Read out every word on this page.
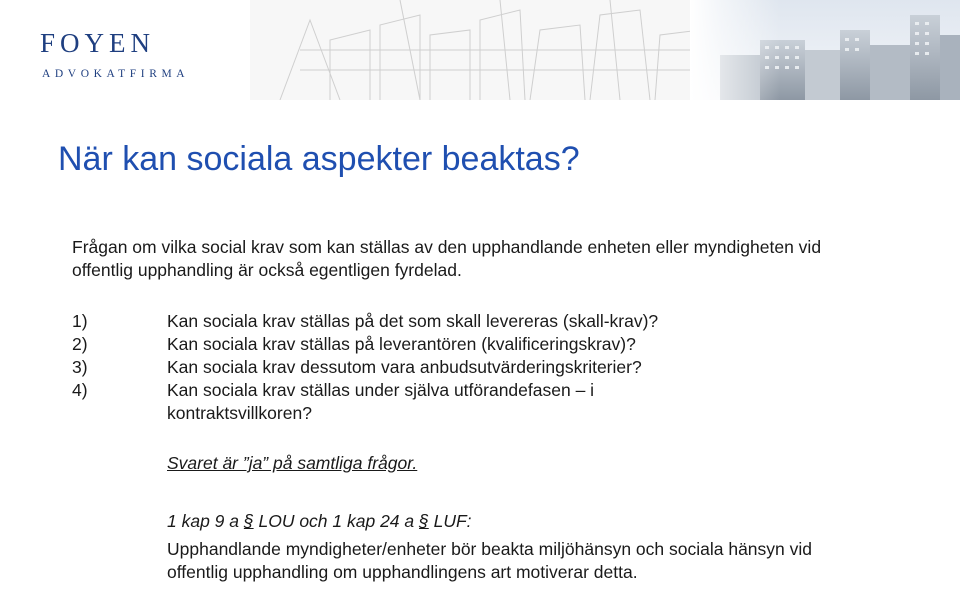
FOYEN
ADVOKATFIRMA
När kan sociala aspekter beaktas?
Frågan om vilka social krav som kan ställas av den upphandlande enheten eller myndigheten vid offentlig upphandling är också egentligen fyrdelad.
1)	Kan sociala krav ställas på det som skall levereras (skall-krav)?
2)	Kan sociala krav ställas på leverantören (kvalificeringskrav)?
3)	Kan sociala krav dessutom vara anbudsutvärderingskriterier?
4)	Kan sociala krav ställas under själva utförandefasen – i kontraktsvillkoren?
Svaret är ”ja” på samtliga frågor.
1 kap 9 a § LOU och 1 kap 24 a § LUF:
Upphandlande myndigheter/enheter bör beakta miljöhänsyn och sociala hänsyn vid offentlig upphandling om upphandlingens art motiverar detta.
